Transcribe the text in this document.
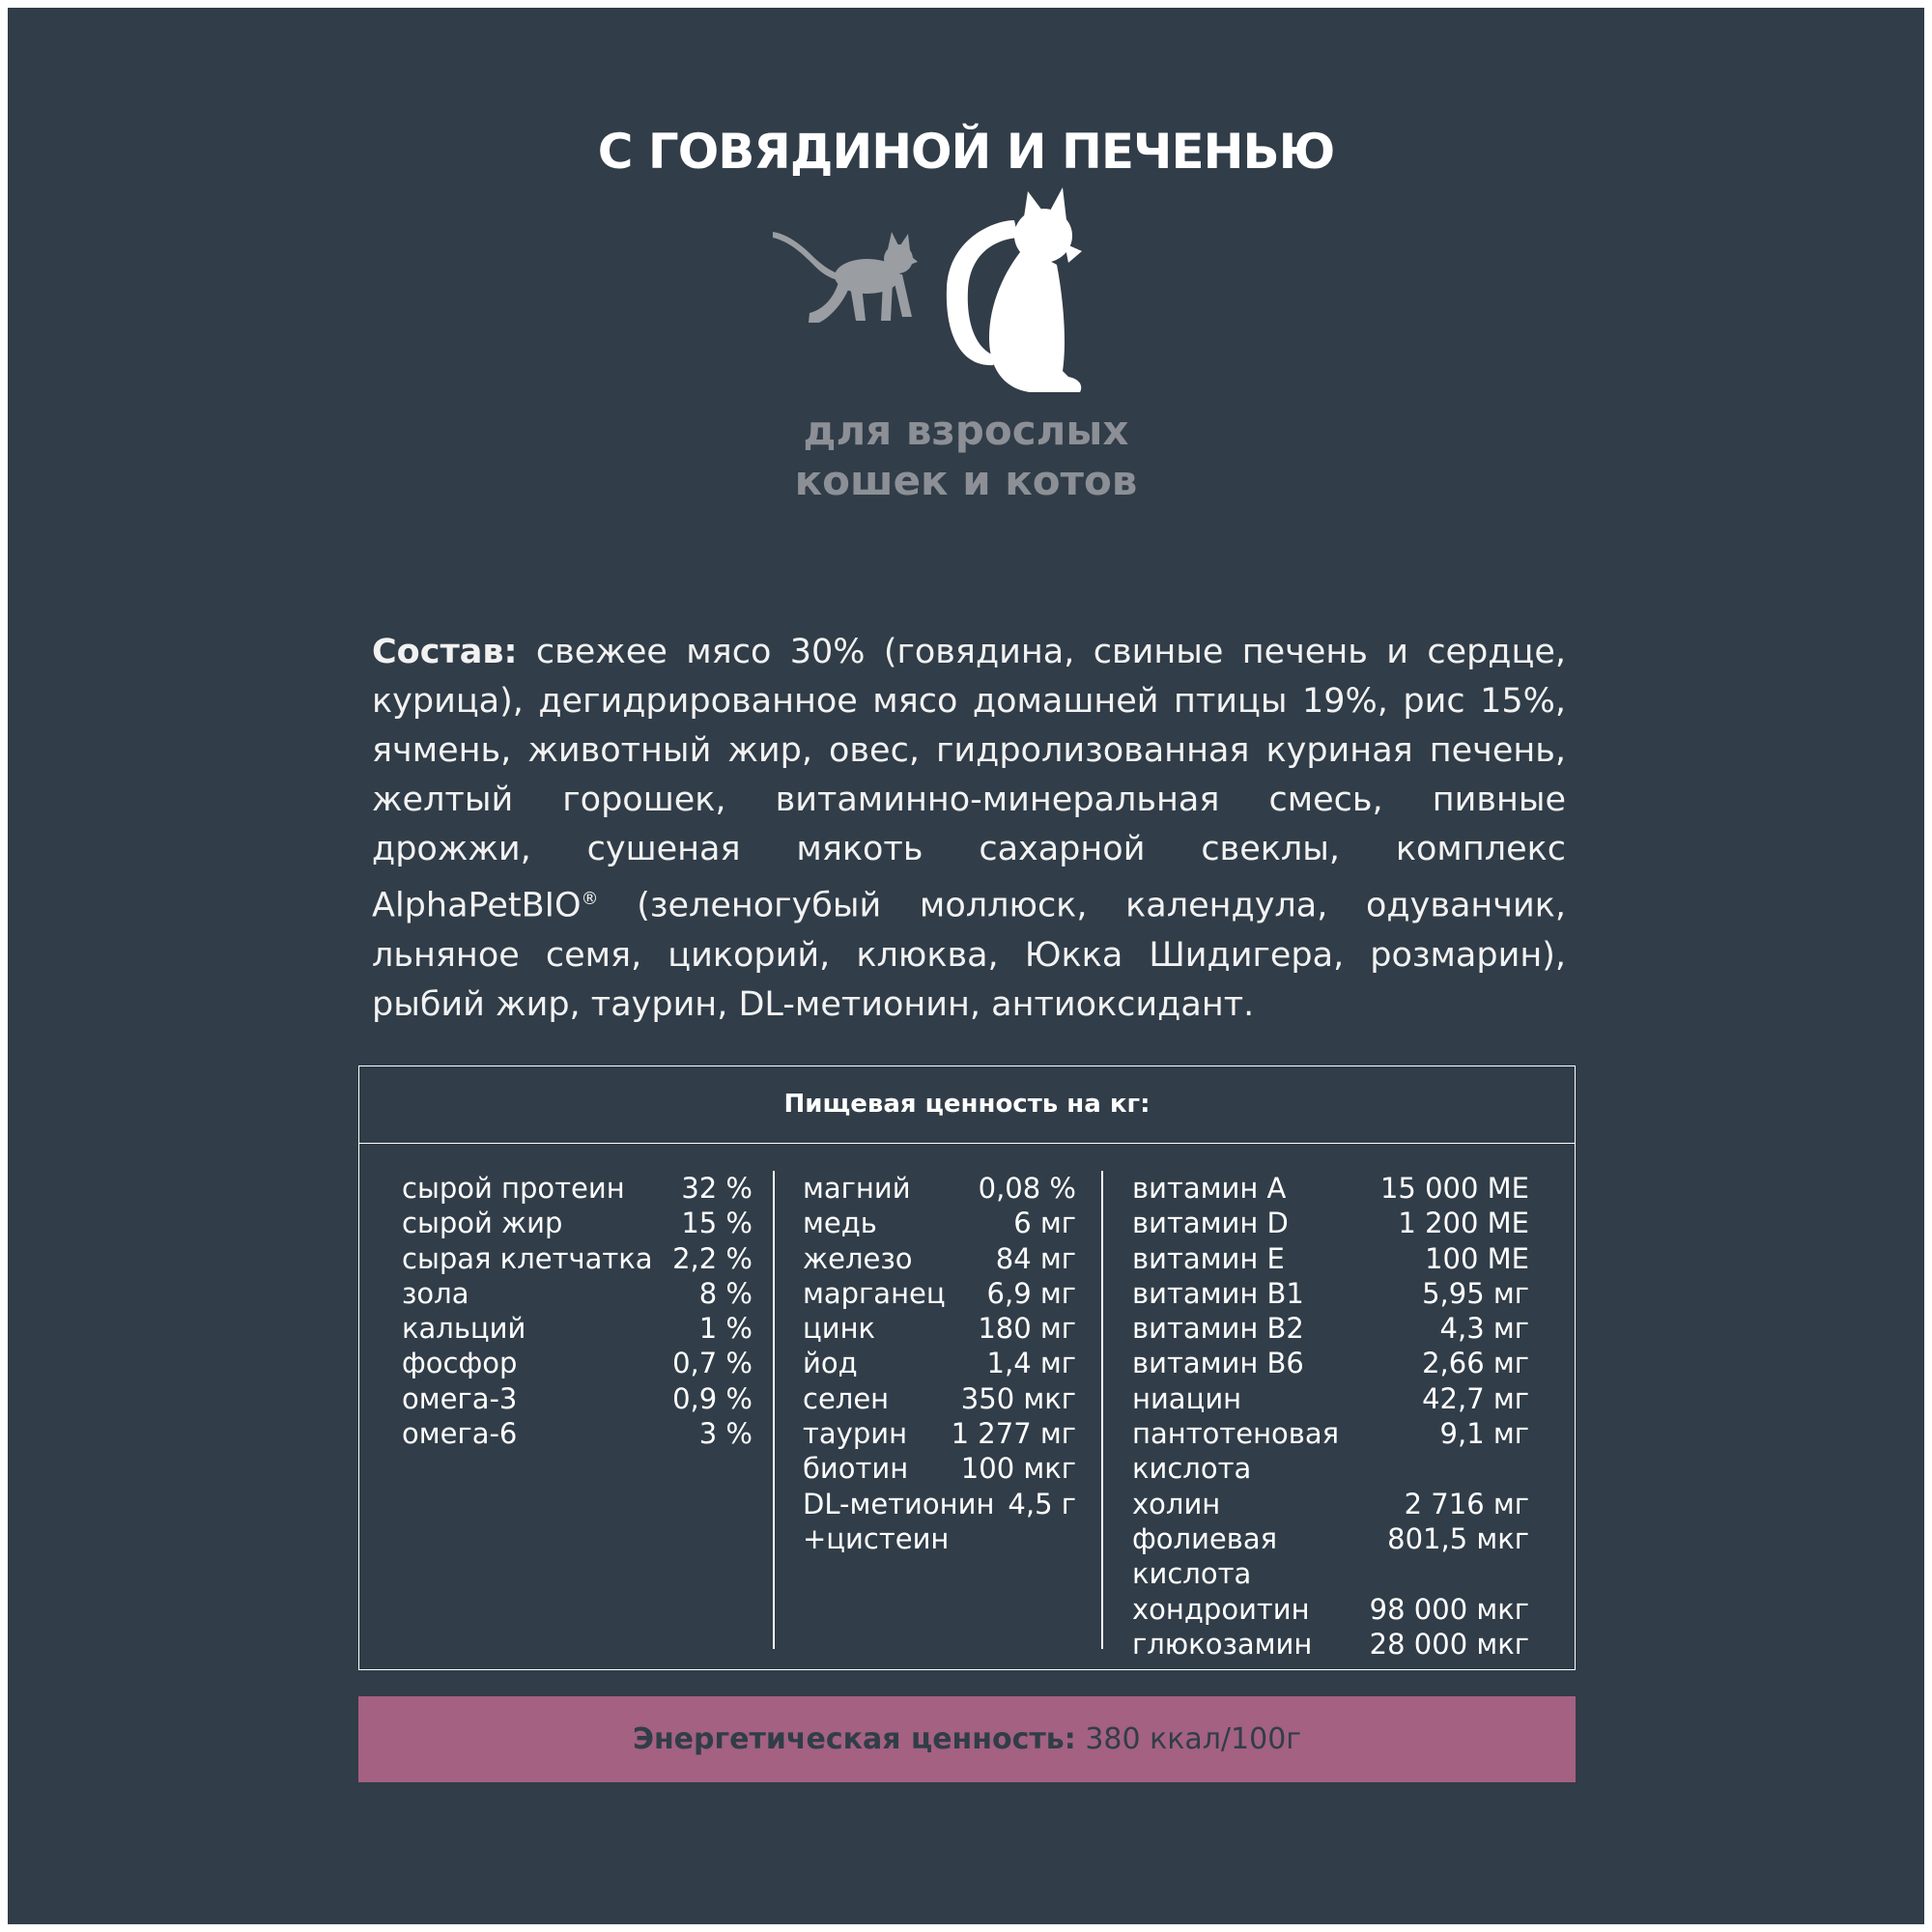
С ГОВЯДИНОЙ И ПЕЧЕНЬЮ
для взрослых
кошек и котов
Состав: свежее мясо 30% (говядина, свиные печень и сердце, курица), дегидрированное мясо домашней птицы 19%, рис 15%, ячмень, животный жир, овес, гидролизованная куриная печень, желтый горошек, витаминно-минеральная смесь, пивные дрожжи, сушеная мякоть сахарной свеклы, комплекс AlphaPetBIO® (зеленогубый моллюск, календула, одуванчик, льняное семя, цикорий, клюква, Юкка Шидигера, розмарин), рыбий жир, таурин, DL-метионин, антиоксидант.
Пищевая ценность на кг:
сырой протеин 32 %
сырой жир	15 %
сырая клетчатка 2,2 %
зола	8 %
кальций	1 %
фосфор	0,7 %
омега-3	0,9 %
омега-6	3 %
магний 0,08 %
медь	6 мг
железо	84 мг
марганец 6,9 мг
цинк	180 мг
йод	1,4 мг
селен	350 мкг
таурин 1 277 мг
биотин 100 мкг
DL-метионин 4,5 г
+цистеин
витамин А	15 000 МЕ
витамин D	1 200 МЕ
витамин Е	100 МЕ
витамин В1	5,95 мг
витамин В2	4,3 мг
витамин В6	2,66 мг
ниацин	42,7 мг
пантотеновая	9,1 мг
кислота
холин	2 716 мг
фолиевая	801,5 мкг
кислота
хондроитин 98 000 мкг
глюкозамин 28 000 мкг
Энергетическая ценность: 380 ккал/100г
